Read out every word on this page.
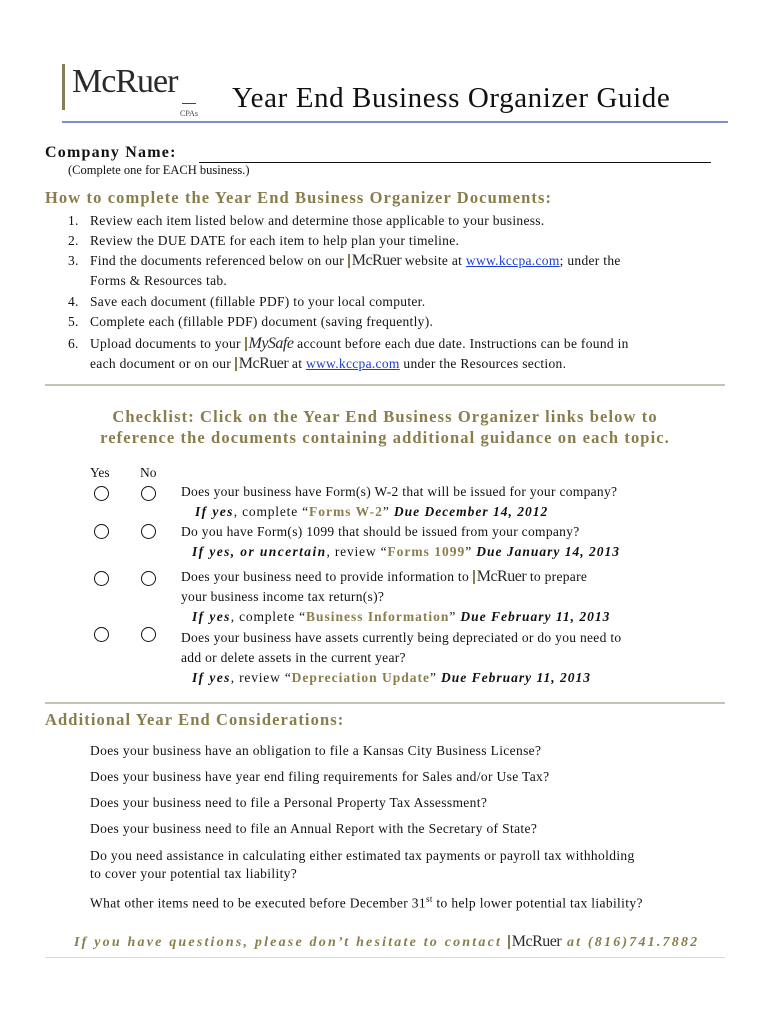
McRuer
CPAs	Year End Business Organizer Guide
Company Name:
(Complete one for EACH business.)
How to complete the Year End Business Organizer Documents:
1. Review each item listed below and determine those applicable to your business.
2. Review the DUE DATE for each item to help plan your timeline.
3. Find the documents referenced below on our McRuer website at www.kccpa.com; under the
Forms & Resources tab.
4. Save each document (fillable PDF) to your local computer.
5. Complete each (fillable PDF) document (saving frequently).
6. Upload documents to your MySafe account before each due date. Instructions can be found in
each document or on our McRuer at www.kccpa.com under the Resources section.
Checklist: Click on the Year End Business Organizer links below to
reference the documents containing additional guidance on each topic.
Yes No
Does your business have Form(s) W-2 that will be issued for your company?
If yes, complete “Forms W-2” Due December 14, 2012
Do you have Form(s) 1099 that should be issued from your company?
If yes, or uncertain, review “Forms 1099” Due January 14, 2013
Does your business need to provide information to McRuer to prepare
your business income tax return(s)?
If yes, complete “Business Information” Due February 11, 2013
Does your business have assets currently being depreciated or do you need to
add or delete assets in the current year?
If yes, review “Depreciation Update” Due February 11, 2013
Additional Year End Considerations:
Does your business have an obligation to file a Kansas City Business License?
Does your business have year end filing requirements for Sales and/or Use Tax?
Does your business need to file a Personal Property Tax Assessment?
Does your business need to file an Annual Report with the Secretary of State?
Do you need assistance in calculating either estimated tax payments or payroll tax withholding
to cover your potential tax liability?
What other items need to be executed before December 31st to help lower potential tax liability?
If you have questions, please don’t hesitate to contact McRuer at (816)741.7882
